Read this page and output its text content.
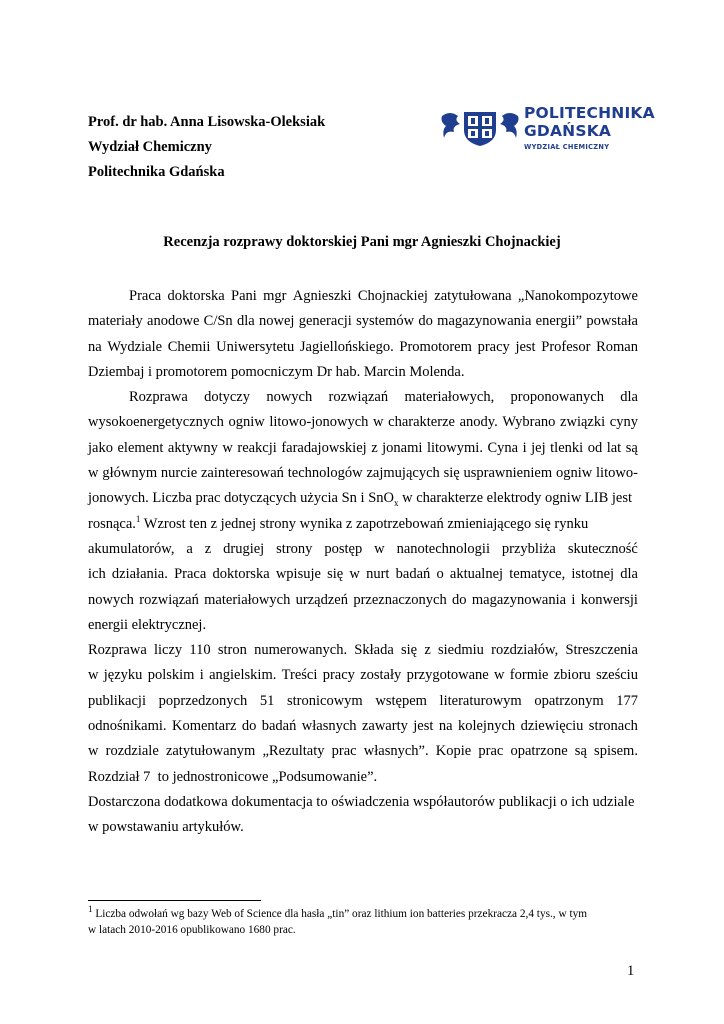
Prof. dr hab. Anna Lisowska-Oleksiak
Wydział Chemiczny
Politechnika Gdańska
POLITECHNIKA
GDAŃSKA
WYDZIAŁ CHEMICZNY
Recenzja rozprawy doktorskiej Pani mgr Agnieszki Chojnackiej
Praca doktorska Pani mgr Agnieszki Chojnackiej zatytułowana „Nanokompozytowe
materiały anodowe C/Sn dla nowej generacji systemów do magazynowania energii” powstała
na Wydziale Chemii Uniwersytetu Jagiellońskiego. Promotorem pracy jest Profesor Roman
Dziembaj i promotorem pomocniczym Dr hab. Marcin Molenda.
Rozprawa dotyczy nowych rozwiązań materiałowych, proponowanych dla
wysokoenergetycznych ogniw litowo-jonowych w charakterze anody. Wybrano związki cyny
jako element aktywny w reakcji faradajowskiej z jonami litowymi. Cyna i jej tlenki od lat są
w głównym nurcie zainteresowań technologów zajmujących się usprawnieniem ogniw litowo-
jonowych. Liczba prac dotyczących użycia Sn i SnO$_x$ w charakterze elektrody ogniw LIB jest
rosnąca.$^1$ Wzrost ten z jednej strony wynika z zapotrzebowań zmieniającego się rynku
akumulatorów, a z drugiej strony postęp w nanotechnologii przybliża skuteczność
ich działania. Praca doktorska wpisuje się w nurt badań o aktualnej tematyce, istotnej dla
nowych rozwiązań materiałowych urządzeń przeznaczonych do magazynowania i konwersji
energii elektrycznej.
Rozprawa liczy 110 stron numerowanych. Składa się z siedmiu rozdziałów, Streszczenia
w języku polskim i angielskim. Treści pracy zostały przygotowane w formie zbioru sześciu
publikacji poprzedzonych 51 stronicowym wstępem literaturowym opatrzonym 177
odnośnikami. Komentarz do badań własnych zawarty jest na kolejnych dziewięciu stronach
w rozdziale zatytułowanym „Rezultaty prac własnych”. Kopie prac opatrzone są spisem.
Rozdział 7  to jednostronicowe „Podsumowanie”.
Dostarczona dodatkowa dokumentacja to oświadczenia współautorów publikacji o ich udziale
w powstawaniu artykułów.
$^1$ Liczba odwołań wg bazy Web of Science dla hasła „tin” oraz lithium ion batteries przekracza 2,4 tys., w tym
w latach 2010-2016 opublikowano 1680 prac.
1
